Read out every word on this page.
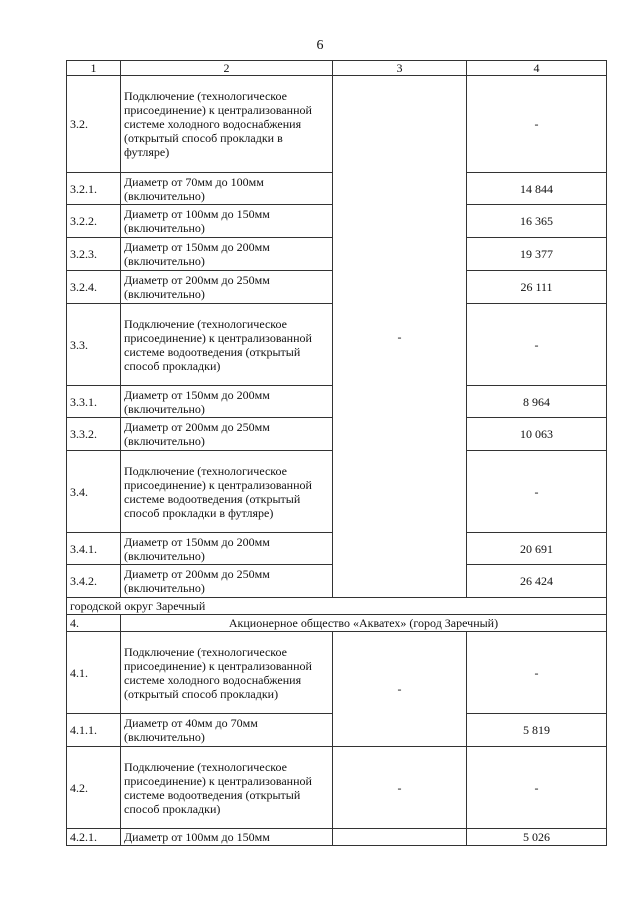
6
1	2	3	4
3.2.	Подключение (технологическое присоединение) к централизованной системе холодного водоснабжения (открытый способ прокладки в футляре)	-	-
3.2.1.	Диаметр от 70мм до 100мм (включительно)		14 844
3.2.2.	Диаметр от 100мм до 150мм (включительно)		16 365
3.2.3.	Диаметр от 150мм до 200мм (включительно)		19 377
3.2.4.	Диаметр от 200мм до 250мм (включительно)		26 111
3.3.	Подключение (технологическое присоединение) к централизованной системе водоотведения (открытый способ прокладки)		-
3.3.1.	Диаметр от 150мм до 200мм (включительно)		8 964
3.3.2.	Диаметр от 200мм до 250мм (включительно)		10 063
3.4.	Подключение (технологическое присоединение) к централизованной системе водоотведения (открытый способ прокладки в футляре)		-
3.4.1.	Диаметр от 150мм до 200мм (включительно)		20 691
3.4.2.	Диаметр от 200мм до 250мм (включительно)		26 424
городской округ Заречный			
4.	Акционерное общество «Акватех» (город Заречный)		
4.1.	Подключение (технологическое присоединение) к централизованной системе холодного водоснабжения (открытый способ прокладки)	-	-
4.1.1.	Диаметр от 40мм до 70мм (включительно)		5 819
4.2.	Подключение (технологическое присоединение) к централизованной системе водоотведения (открытый способ прокладки)	-	-
4.2.1.	Диаметр от 100мм до 150мм		5 026
